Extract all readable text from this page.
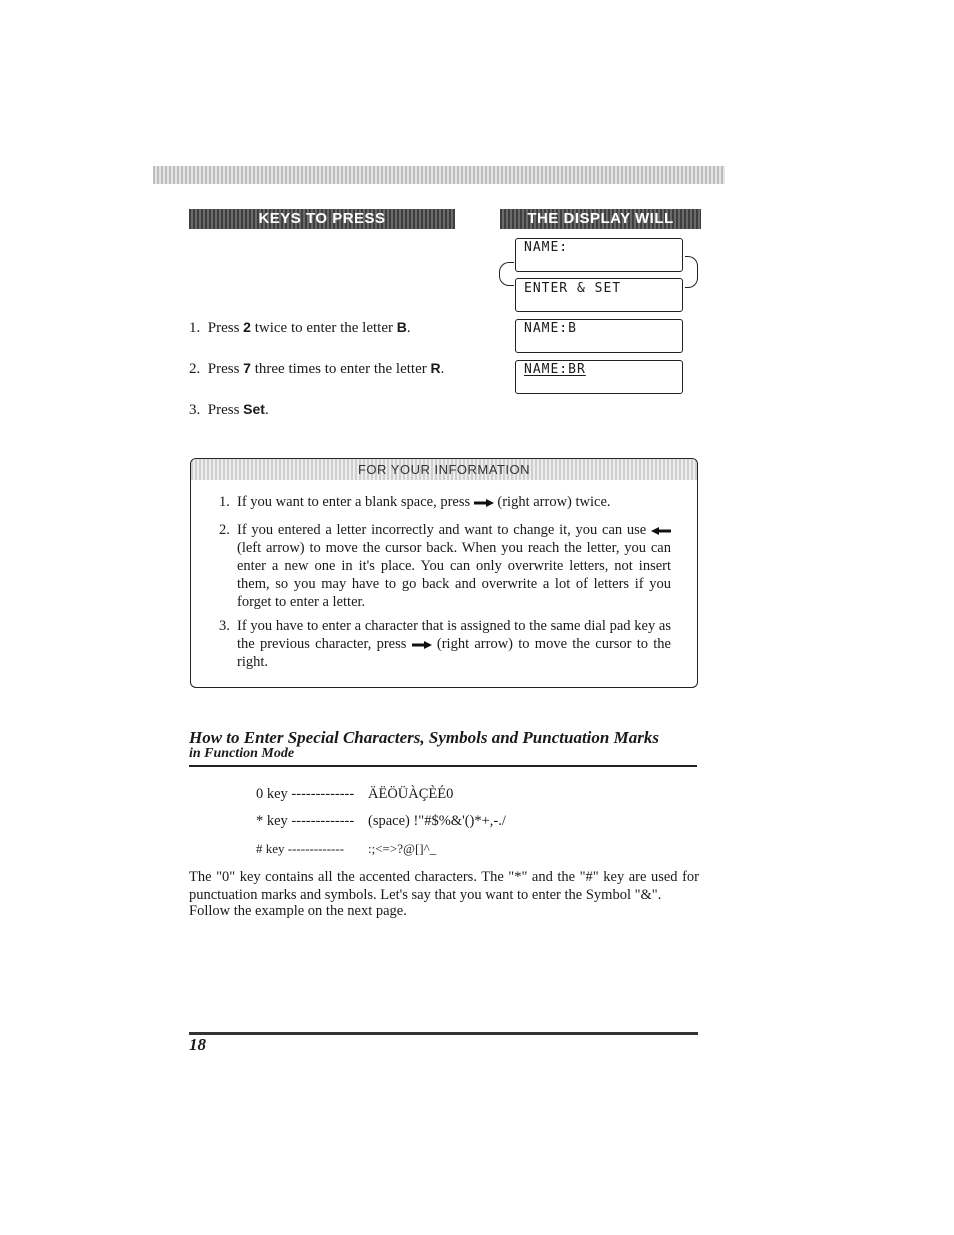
KEYS TO PRESS	THE DISPLAY WILL
NAME:
ENTER & SET
NAME:B
NAME:BR
1. Press 2 twice to enter the letter B.
2. Press 7 three times to enter the letter R.
3. Press Set.
FOR YOUR INFORMATION
1. If you want to enter a blank space, press  (right arrow) twice.
2. If you entered a letter incorrectly and want to change it, you can use  (left arrow) to move the cursor back. When you reach the letter, you can enter a new one in it's place. You can only overwrite letters, not insert them, so you may have to go back and overwrite a lot of letters if you forget to enter a letter.
3. If you have to enter a character that is assigned to the same dial pad key as the previous character, press  (right arrow) to move the cursor to the right.
How to Enter Special Characters, Symbols and Punctuation Marks
in Function Mode
0 key ------------- ÄËÖÜÀÇÈÉ0
* key ------------- (space) !"#$%&'()*+,-./
# key ------------- :;<=>?@[]^_
The "0" key contains all the accented characters. The "*" and the "#" key are used for punctuation marks and symbols. Let's say that you want to enter the Symbol "&".
Follow the example on the next page.
18
